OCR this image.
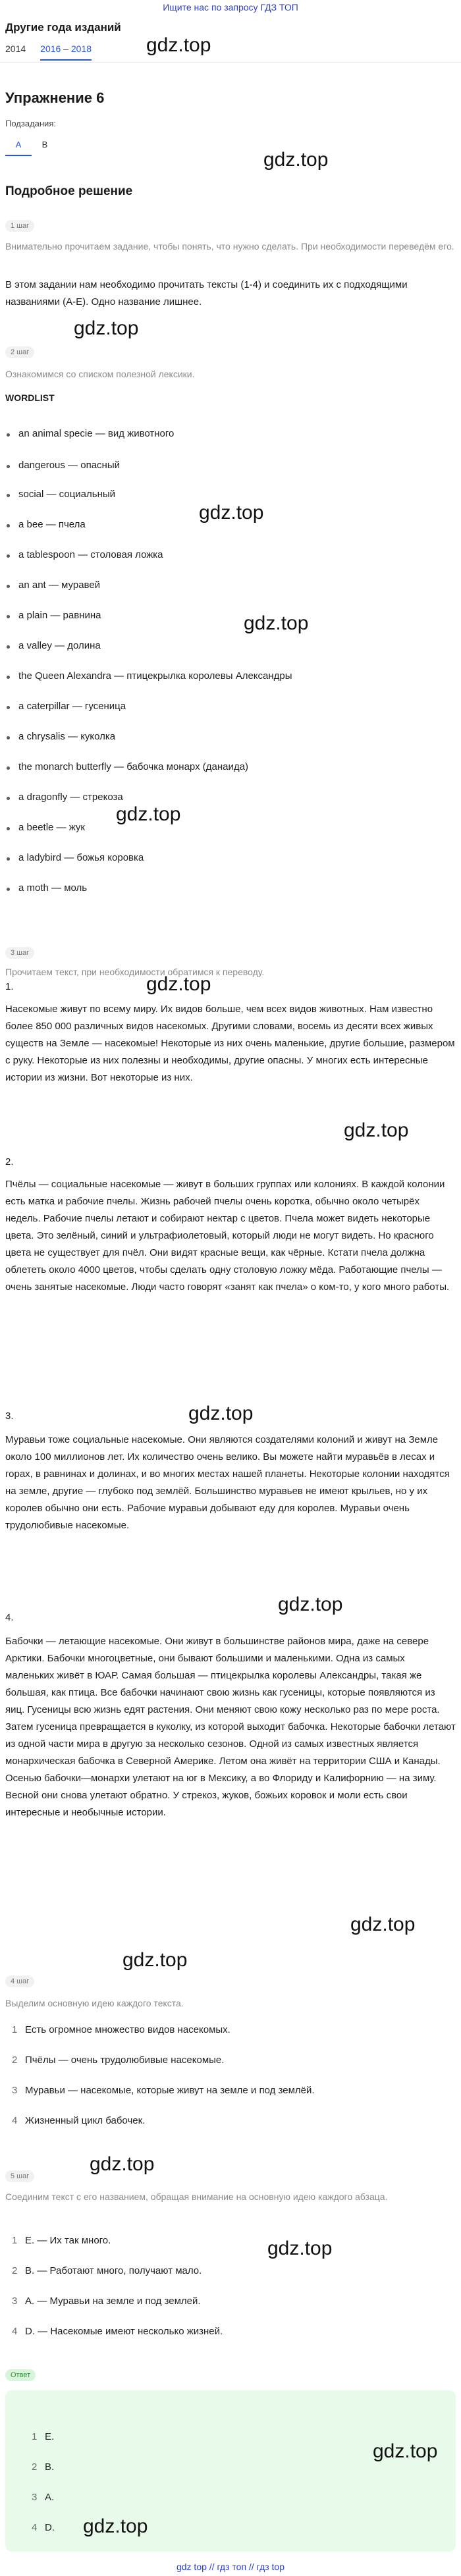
Ищите нас по запросу ГДЗ ТОП
Другие года изданий
2014 2016 – 2018	gdz.top
Упражнение 6
Подзадания:
A	B
gdz.top
Подробное решение
1 шаг
Внимательно прочитаем задание, чтобы понять, что нужно сделать. При необходимости переведём его.
В этом задании нам необходимо прочитать тексты (1-4) и соединить их с подходящими названиями (A-E). Одно название лишнее.
gdz.top
2 шаг
Ознакомимся со списком полезной лексики.
WORDLIST
an animal specie — вид животного
dangerous — опасный
social — социальный
a bee — пчела
a tablespoon — столовая ложка
an ant — муравей
a plain — равнина
a valley — долина
the Queen Alexandra — птицекрылка королевы Александры
a caterpillar — гусеница
a chrysalis — куколка
the monarch butterfly — бабочка монарх (данаида)
a dragonfly — стрекоза
a beetle — жук
a ladybird — божья коровка
a moth — моль
gdz.top
gdz.top
gdz.top
3 шаг
Прочитаем текст, при необходимости обратимся к переводу.
gdz.top
1.
Насекомые живут по всему миру. Их видов больше, чем всех видов животных. Нам известно более 850 000 различных видов насекомых. Другими словами, восемь из десяти всех живых существ на Земле — насекомые! Некоторые из них очень маленькие, другие большие, размером с руку. Некоторые из них полезны и необходимы, другие опасны. У многих есть интересные истории из жизни. Вот некоторые из них.
gdz.top
2.
Пчёлы — социальные насекомые — живут в больших группах или колониях. В каждой колонии есть матка и рабочие пчелы. Жизнь рабочей пчелы очень коротка, обычно около четырёх недель. Рабочие пчелы летают и собирают нектар с цветов. Пчела может видеть некоторые цвета. Это зелёный, синий и ультрафиолетовый, который люди не могут видеть. Но красного цвета не существует для пчёл. Они видят красные вещи, как чёрные. Кстати пчела должна облететь около 4000 цветов, чтобы сделать одну столовую ложку мёда. Работающие пчелы — очень занятые насекомые. Люди часто говорят «занят как пчела» о ком-то, у кого много работы.
3.	gdz.top
Муравьи тоже социальные насекомые. Они являются создателями колоний и живут на Земле около 100 миллионов лет. Их количество очень велико. Вы можете найти муравьёв в лесах и горах, в равнинах и долинах, и во многих местах нашей планеты. Некоторые колонии находятся на земле, другие — глубоко под землёй. Большинство муравьев не имеют крыльев, но у их королев обычно они есть. Рабочие муравьи добывают еду для королев. Муравьи очень трудолюбивые насекомые.
4.
gdz.top
Бабочки — летающие насекомые. Они живут в большинстве районов мира, даже на севере Арктики. Бабочки многоцветные, они бывают большими и маленькими. Одна из самых маленьких живёт в ЮАР. Самая большая — птицекрылка королевы Александры, такая же большая, как птица. Все бабочки начинают свою жизнь как гусеницы, которые появляются из яиц. Гусеницы всю жизнь едят растения. Они меняют свою кожу несколько раз по мере роста. Затем гусеница превращается в куколку, из которой выходит бабочка. Некоторые бабочки летают из одной части мира в другую за несколько сезонов. Одной из самых известных является монархическая бабочка в Северной Америке. Летом она живёт на территории США и Канады. Осенью бабочки—монархи улетают на юг в Мексику, а во Флориду и Калифорнию — на зиму. Весной они снова улетают обратно. У стрекоз, жуков, божьих коровок и моли есть свои интересные и необычные истории.
gdz.top
gdz.top
4 шаг
Выделим основную идею каждого текста.
1 Есть огромное множество видов насекомых.
2 Пчёлы — очень трудолюбивые насекомые.
3 Муравьи — насекомые, которые живут на земле и под землёй.
4 Жизненный цикл бабочек.
gdz.top
5 шаг
Соединим текст с его названием, обращая внимание на основную идею каждого абзаца.
gdz.top
1 E. — Их так много.
2 B. — Работают много, получают мало.
3 A. — Муравьи на земле и под землей.
4 D. — Насекомые имеют несколько жизней.
Ответ
1 E.
2 B.
3 A.
4 D.
gdz.top
gdz.top
gdz top // гдз топ // гдз top
